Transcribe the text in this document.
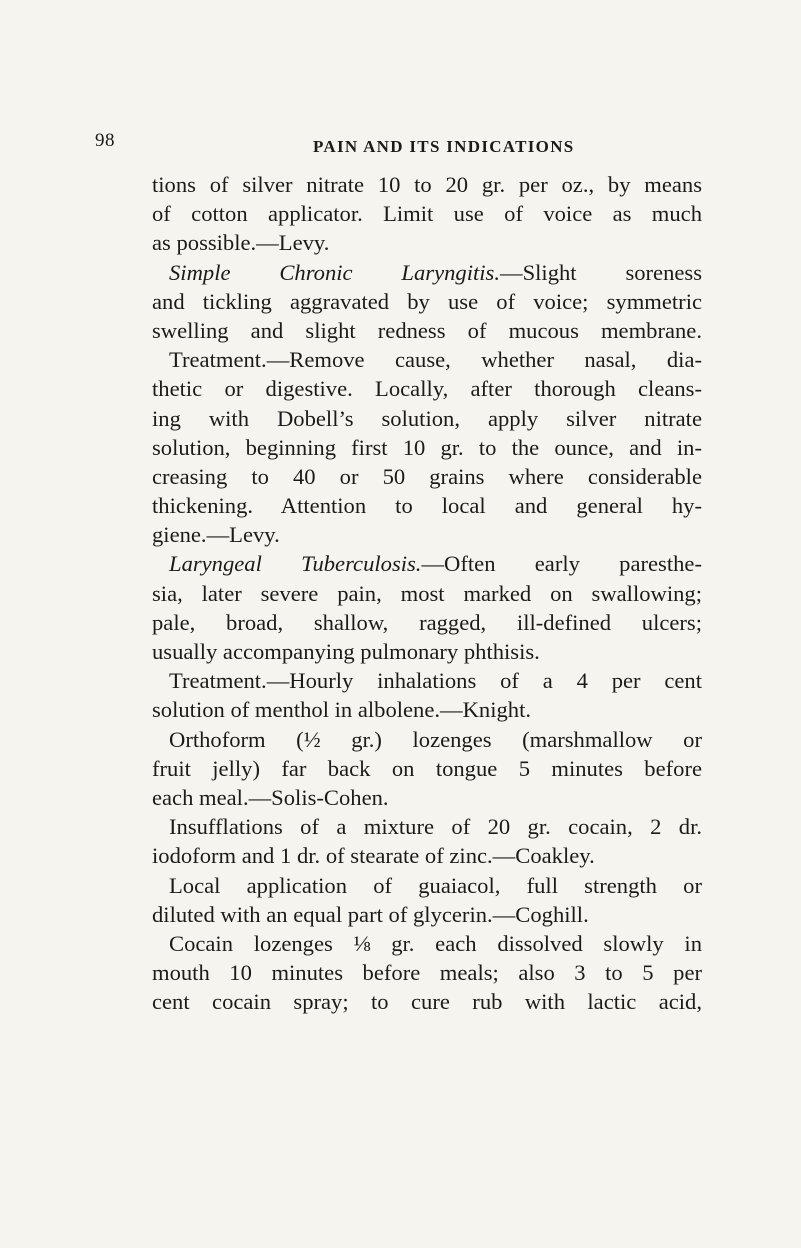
98	PAIN AND ITS INDICATIONS
tions of silver nitrate 10 to 20 gr. per oz., by means
of cotton applicator. Limit use of voice as much
as possible.—Levy.
Simple Chronic Laryngitis.—Slight soreness
and tickling aggravated by use of voice; symmetric
swelling and slight redness of mucous membrane.
Treatment.—Remove cause, whether nasal, dia-
thetic or digestive. Locally, after thorough cleans-
ing with Dobell’s solution, apply silver nitrate
solution, beginning first 10 gr. to the ounce, and in-
creasing to 40 or 50 grains where considerable
thickening. Attention to local and general hy-
giene.—Levy.
Laryngeal Tuberculosis.—Often early paresthe-
sia, later severe pain, most marked on swallowing;
pale, broad, shallow, ragged, ill-defined ulcers;
usually accompanying pulmonary phthisis.
Treatment.—Hourly inhalations of a 4 per cent
solution of menthol in albolene.—Knight.
Orthoform (½ gr.) lozenges (marshmallow or
fruit jelly) far back on tongue 5 minutes before
each meal.—Solis-Cohen.
Insufflations of a mixture of 20 gr. cocain, 2 dr.
iodoform and 1 dr. of stearate of zinc.—Coakley.
Local application of guaiacol, full strength or
diluted with an equal part of glycerin.—Coghill.
Cocain lozenges ⅛ gr. each dissolved slowly in
mouth 10 minutes before meals; also 3 to 5 per
cent cocain spray; to cure rub with lactic acid,
